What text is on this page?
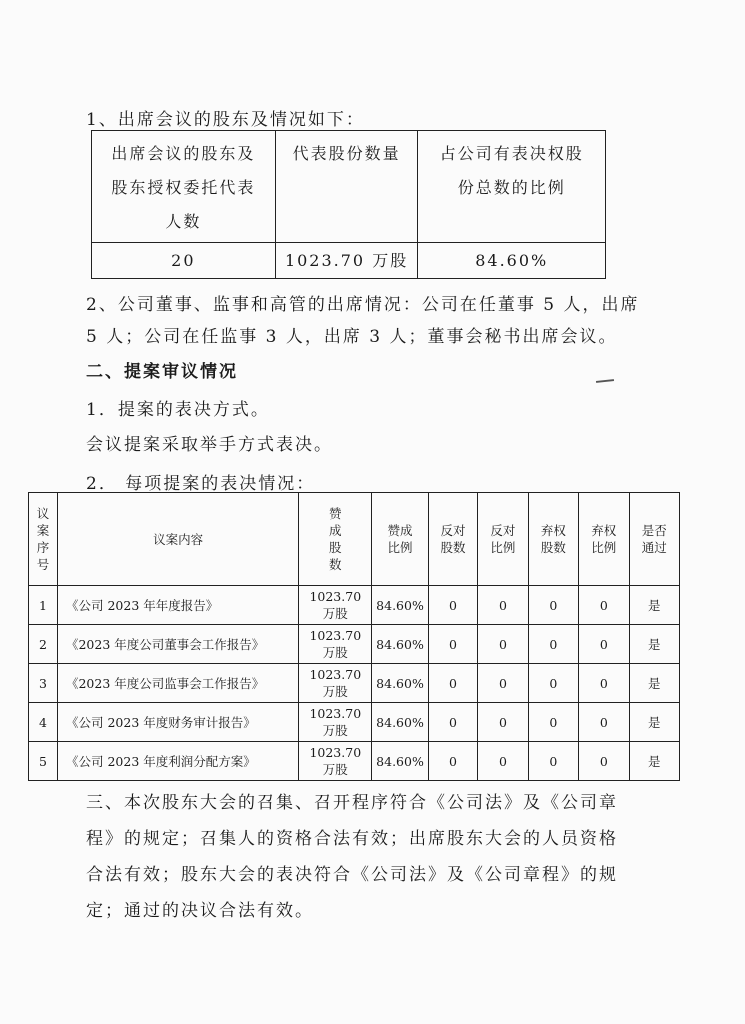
1、出席会议的股东及情况如下：
出席会议的股东及股东授权委托代表人数	代表股份数量	占公司有表决权股份总数的比例

20	1023.70 万股	84.60%
2、公司董事、监事和高管的出席情况：公司在任董事 5 人，出席
5 人；公司在任监事 3 人，出席 3 人；董事会秘书出席会议。
二、提案审议情况
1．提案的表决方式。
会议提案采取举手方式表决。
2． 每项提案的表决情况：
议案序号	议案内容	赞成股数	赞成比例	反对股数	反对比例	弃权股数	弃权比例	是否通过

1	《公司 2023 年年度报告》	1023.70 万股	84.60%	0	0	0	0	是
2	《2023 年度公司董事会工作报告》	1023.70 万股	84.60%	0	0	0	0	是
3	《2023 年度公司监事会工作报告》	1023.70 万股	84.60%	0	0	0	0	是
4	《公司 2023 年度财务审计报告》	1023.70 万股	84.60%	0	0	0	0	是
5	《公司 2023 年度利润分配方案》	1023.70 万股	84.60%	0	0	0	0	是
三、本次股东大会的召集、召开程序符合《公司法》及《公司章
程》的规定；召集人的资格合法有效；出席股东大会的人员资格
合法有效；股东大会的表决符合《公司法》及《公司章程》的规
定；通过的决议合法有效。
